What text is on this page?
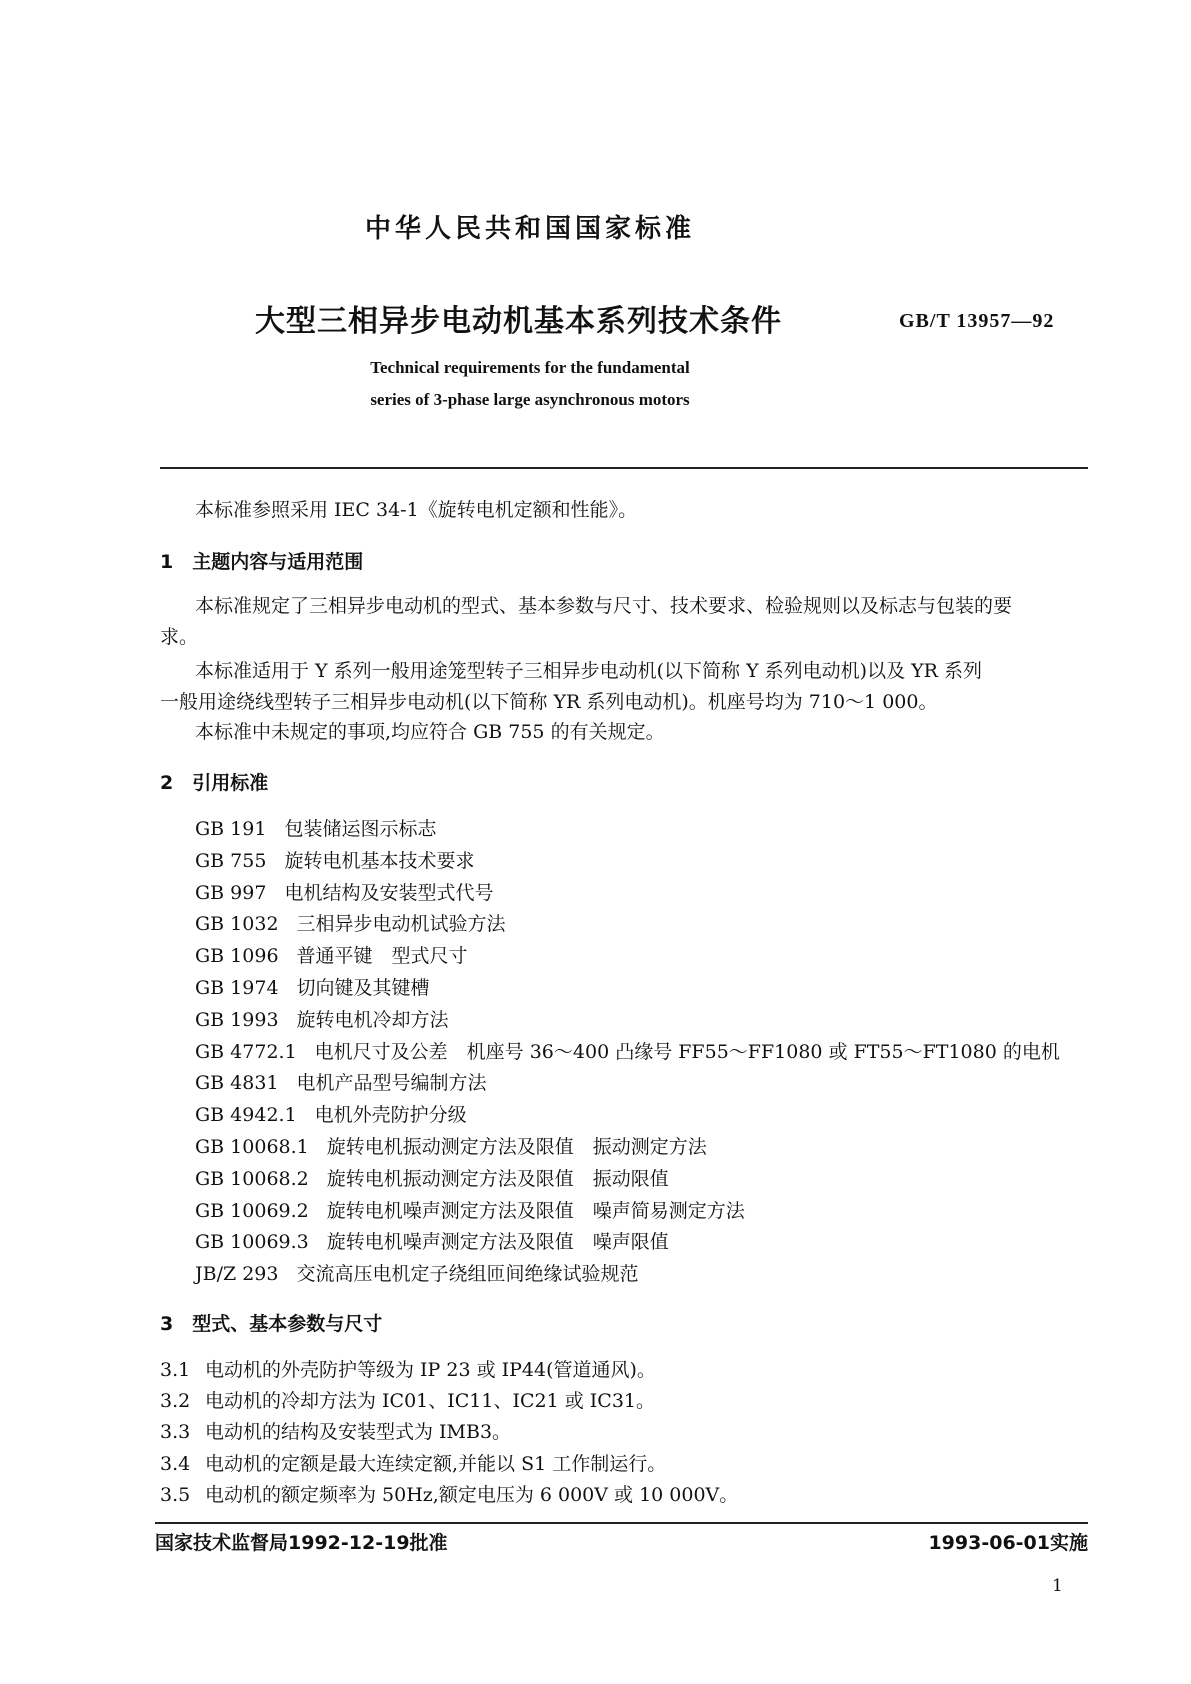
中华人民共和国国家标准
大型三相异步电动机基本系列技术条件	GB/T 13957—92
Technical requirements for the fundamental
series of 3-phase large asynchronous motors
本标准参照采用 IEC 34-1《旋转电机定额和性能》。
1　主题内容与适用范围
本标准规定了三相异步电动机的型式、基本参数与尺寸、技术要求、检验规则以及标志与包装的要
求。
本标准适用于 Y 系列一般用途笼型转子三相异步电动机(以下简称 Y 系列电动机)以及 YR 系列
一般用途绕线型转子三相异步电动机(以下简称 YR 系列电动机)。机座号均为 710～1 000。
本标准中未规定的事项,均应符合 GB 755 的有关规定。
2　引用标准
GB 191 包装储运图示标志
GB 755 旋转电机基本技术要求
GB 997 电机结构及安装型式代号
GB 1032 三相异步电动机试验方法
GB 1096 普通平键　型式尺寸
GB 1974 切向键及其键槽
GB 1993 旋转电机冷却方法
GB 4772.1 电机尺寸及公差　机座号 36～400 凸缘号 FF55～FF1080 或 FT55～FT1080 的电机
GB 4831 电机产品型号编制方法
GB 4942.1 电机外壳防护分级
GB 10068.1 旋转电机振动测定方法及限值　振动测定方法
GB 10068.2 旋转电机振动测定方法及限值　振动限值
GB 10069.2 旋转电机噪声测定方法及限值　噪声简易测定方法
GB 10069.3 旋转电机噪声测定方法及限值　噪声限值
JB/Z 293 交流高压电机定子绕组匝间绝缘试验规范
3　型式、基本参数与尺寸
3.1 电动机的外壳防护等级为 IP 23 或 IP44(管道通风)。
3.2 电动机的冷却方法为 IC01、IC11、IC21 或 IC31。
3.3 电动机的结构及安装型式为 IMB3。
3.4 电动机的定额是最大连续定额,并能以 S1 工作制运行。
3.5 电动机的额定频率为 50Hz,额定电压为 6 000V 或 10 000V。
国家技术监督局1992-12-19批准	1993-06-01实施
1
